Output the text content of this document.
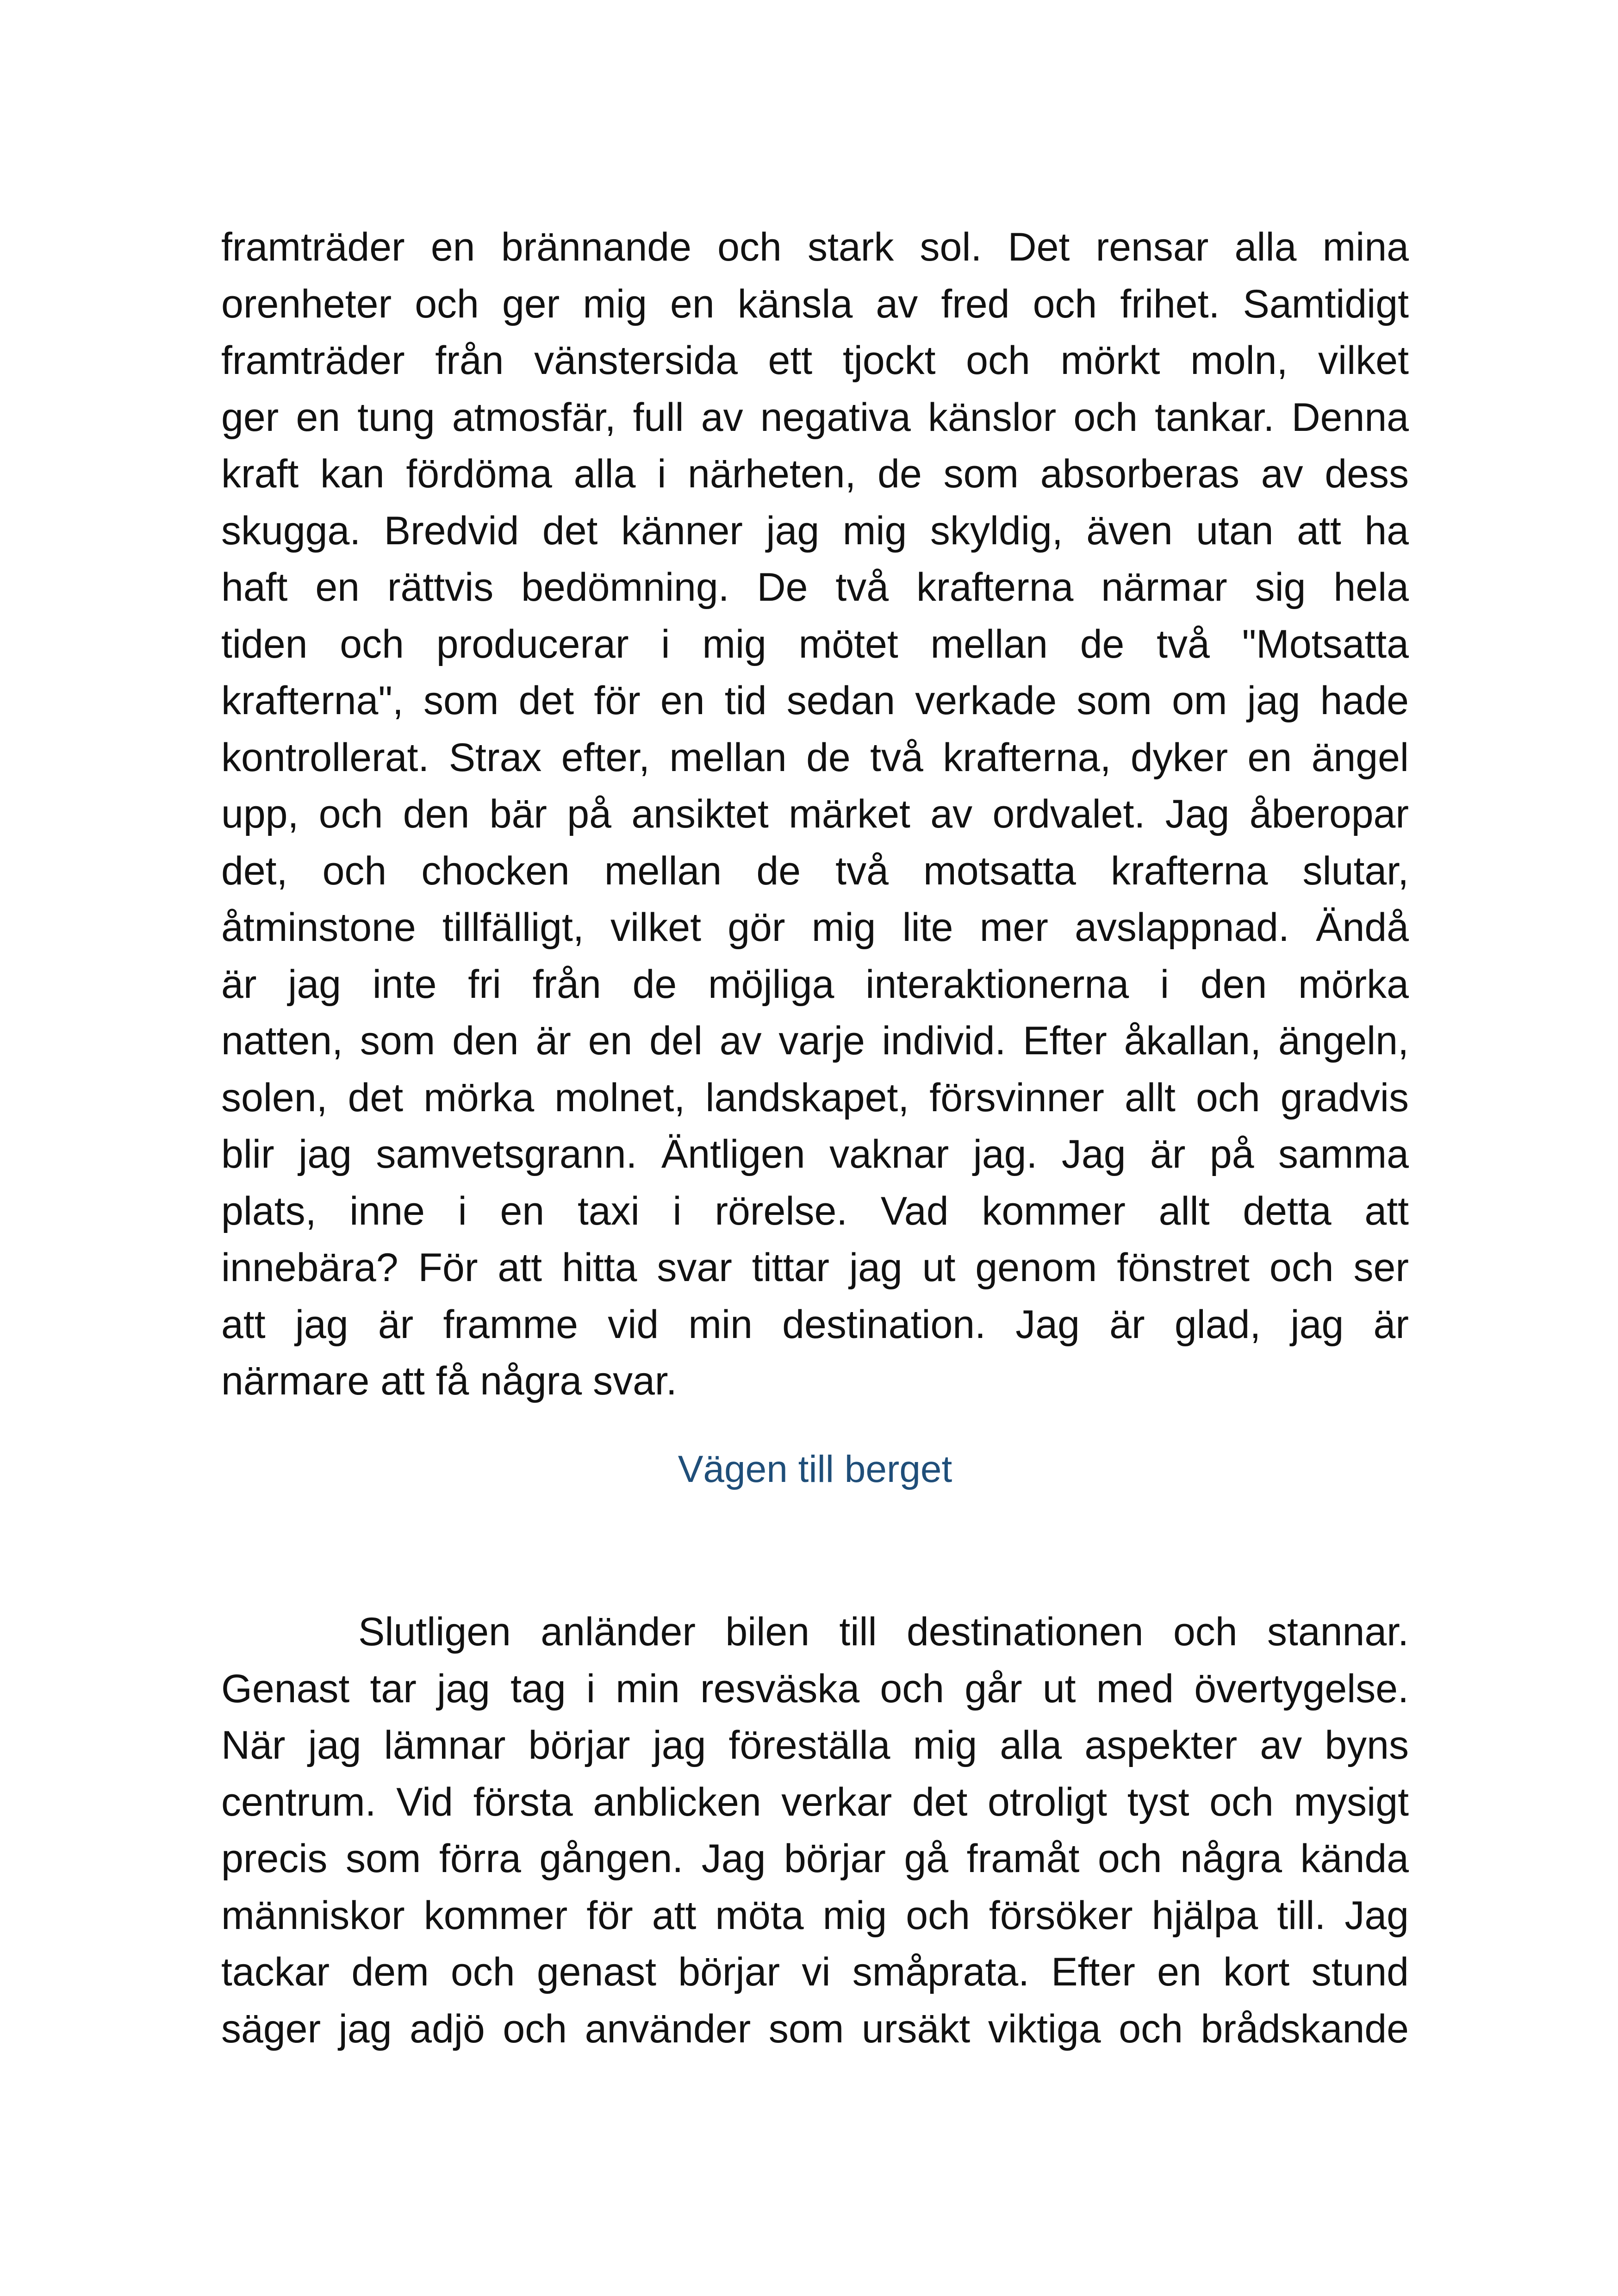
framträder en brännande och stark sol. Det rensar alla mina
orenheter och ger mig en känsla av fred och frihet. Samtidigt
framträder från vänstersida ett tjockt och mörkt moln, vilket
ger en tung atmosfär, full av negativa känslor och tankar. Denna
kraft kan fördöma alla i närheten, de som absorberas av dess
skugga. Bredvid det känner jag mig skyldig, även utan att ha
haft en rättvis bedömning. De två krafterna närmar sig hela
tiden och producerar i mig mötet mellan de två "Motsatta
krafterna", som det för en tid sedan verkade som om jag hade
kontrollerat. Strax efter, mellan de två krafterna, dyker en ängel
upp, och den bär på ansiktet märket av ordvalet. Jag åberopar
det, och chocken mellan de två motsatta krafterna slutar,
åtminstone tillfälligt, vilket gör mig lite mer avslappnad. Ändå
är jag inte fri från de möjliga interaktionerna i den mörka
natten, som den är en del av varje individ. Efter åkallan, ängeln,
solen, det mörka molnet, landskapet, försvinner allt och gradvis
blir jag samvetsgrann. Äntligen vaknar jag. Jag är på samma
plats, inne i en taxi i rörelse. Vad kommer allt detta att
innebära? För att hitta svar tittar jag ut genom fönstret och ser
att jag är framme vid min destination. Jag är glad, jag är
närmare att få några svar.
Vägen till berget
Slutligen anländer bilen till destinationen och stannar.
Genast tar jag tag i min resväska och går ut med övertygelse.
När jag lämnar börjar jag föreställa mig alla aspekter av byns
centrum. Vid första anblicken verkar det otroligt tyst och mysigt
precis som förra gången. Jag börjar gå framåt och några kända
människor kommer för att möta mig och försöker hjälpa till. Jag
tackar dem och genast börjar vi småprata. Efter en kort stund
säger jag adjö och använder som ursäkt viktiga och brådskande
